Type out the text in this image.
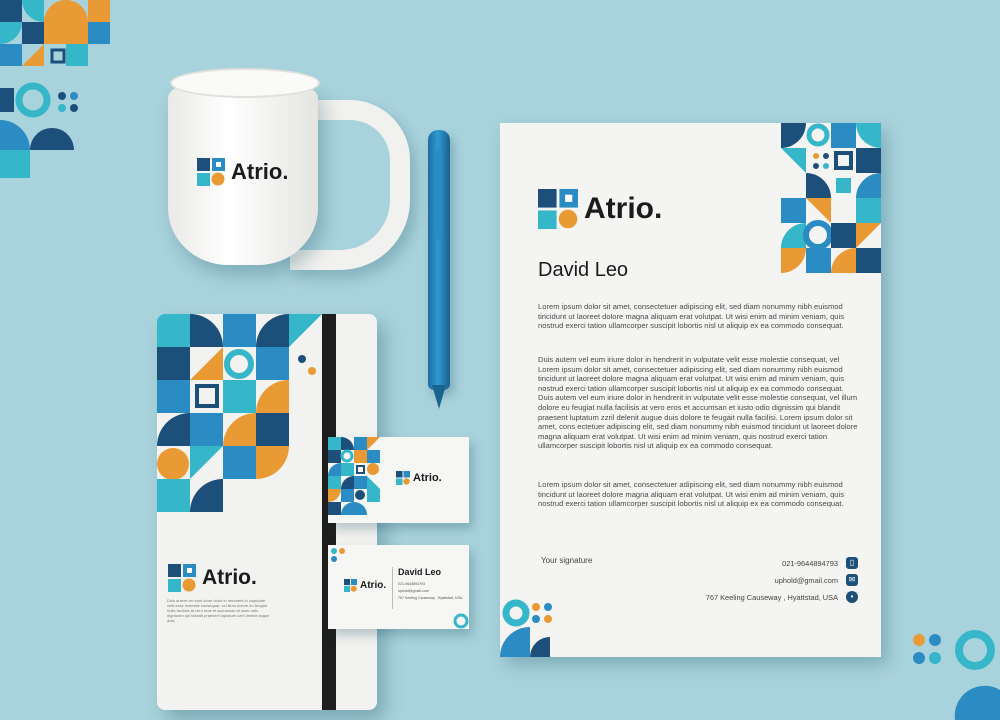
Atrio.
Atrio.
Duis autem vel eum iriure dolor in hendrerit in vulputate velit esse molestie consequat, vel illum dolore eu feugiat nulla facilisis at vero eros et accumsan et iusto odio dignissim qui blandit praesent luptatum zzril delenit augue duis.
Atrio.
Atrio.
David Leo
021-9644894793
uphold@gmail.com
767 Keeling Causeway , Hyattstad, USA
Atrio.
David Leo
Lorem ipsum dolor sit amet, consectetuer adipiscing elit, sed diam nonummy nibh euismod tincidunt ut laoreet dolore magna aliquam erat volutpat. Ut wisi enim ad minim veniam, quis nostrud exerci tation ullamcorper suscipit lobortis nisl ut aliquip ex ea commodo consequat.
Duis autem vel eum iriure dolor in hendrerit in vulputate velit esse molestie consequat, vel Lorem ipsum dolor sit amet, consectetuer adipiscing elit, sed diam nonummy nibh euismod tincidunt ut laoreet dolore magna aliquam erat volutpat. Ut wisi enim ad minim veniam, quis nostrud exerci tation ullamcorper suscipit lobortis nisl ut aliquip ex ea commodo consequat. Duis autem vel eum iriure dolor in hendrerit in vulputate velit esse molestie consequat, vel illum dolore eu feugiat nulla facilisis at vero eros et accumsan et iusto odio dignissim qui blandit praesent luptatum zzril delenit augue duis dolore te feugait nulla facilisi. Lorem ipsum dolor sit amet, cons ectetuer adipiscing elit, sed diam nonummy nibh euismod tincidunt ut laoreet dolore magna aliquam erat volutpat. Ut wisi enim ad minim veniam, quis nostrud exerci tation ullamcorper suscipit lobortis nisl ut aliquip ex ea commodo consequat.
Lorem ipsum dolor sit amet, consectetuer adipiscing elit, sed diam nonummy nibh euismod tincidunt ut laoreet dolore magna aliquam erat volutpat. Ut wisi enim ad minim veniam, quis nostrud exerci tation ullamcorper suscipit lobortis nisl ut aliquip ex ea commodo consequat.
Your signature	021-9644894793	▯
uphold@gmail.com	✉
767 Keeling Causeway , Hyattstad, USA	•
